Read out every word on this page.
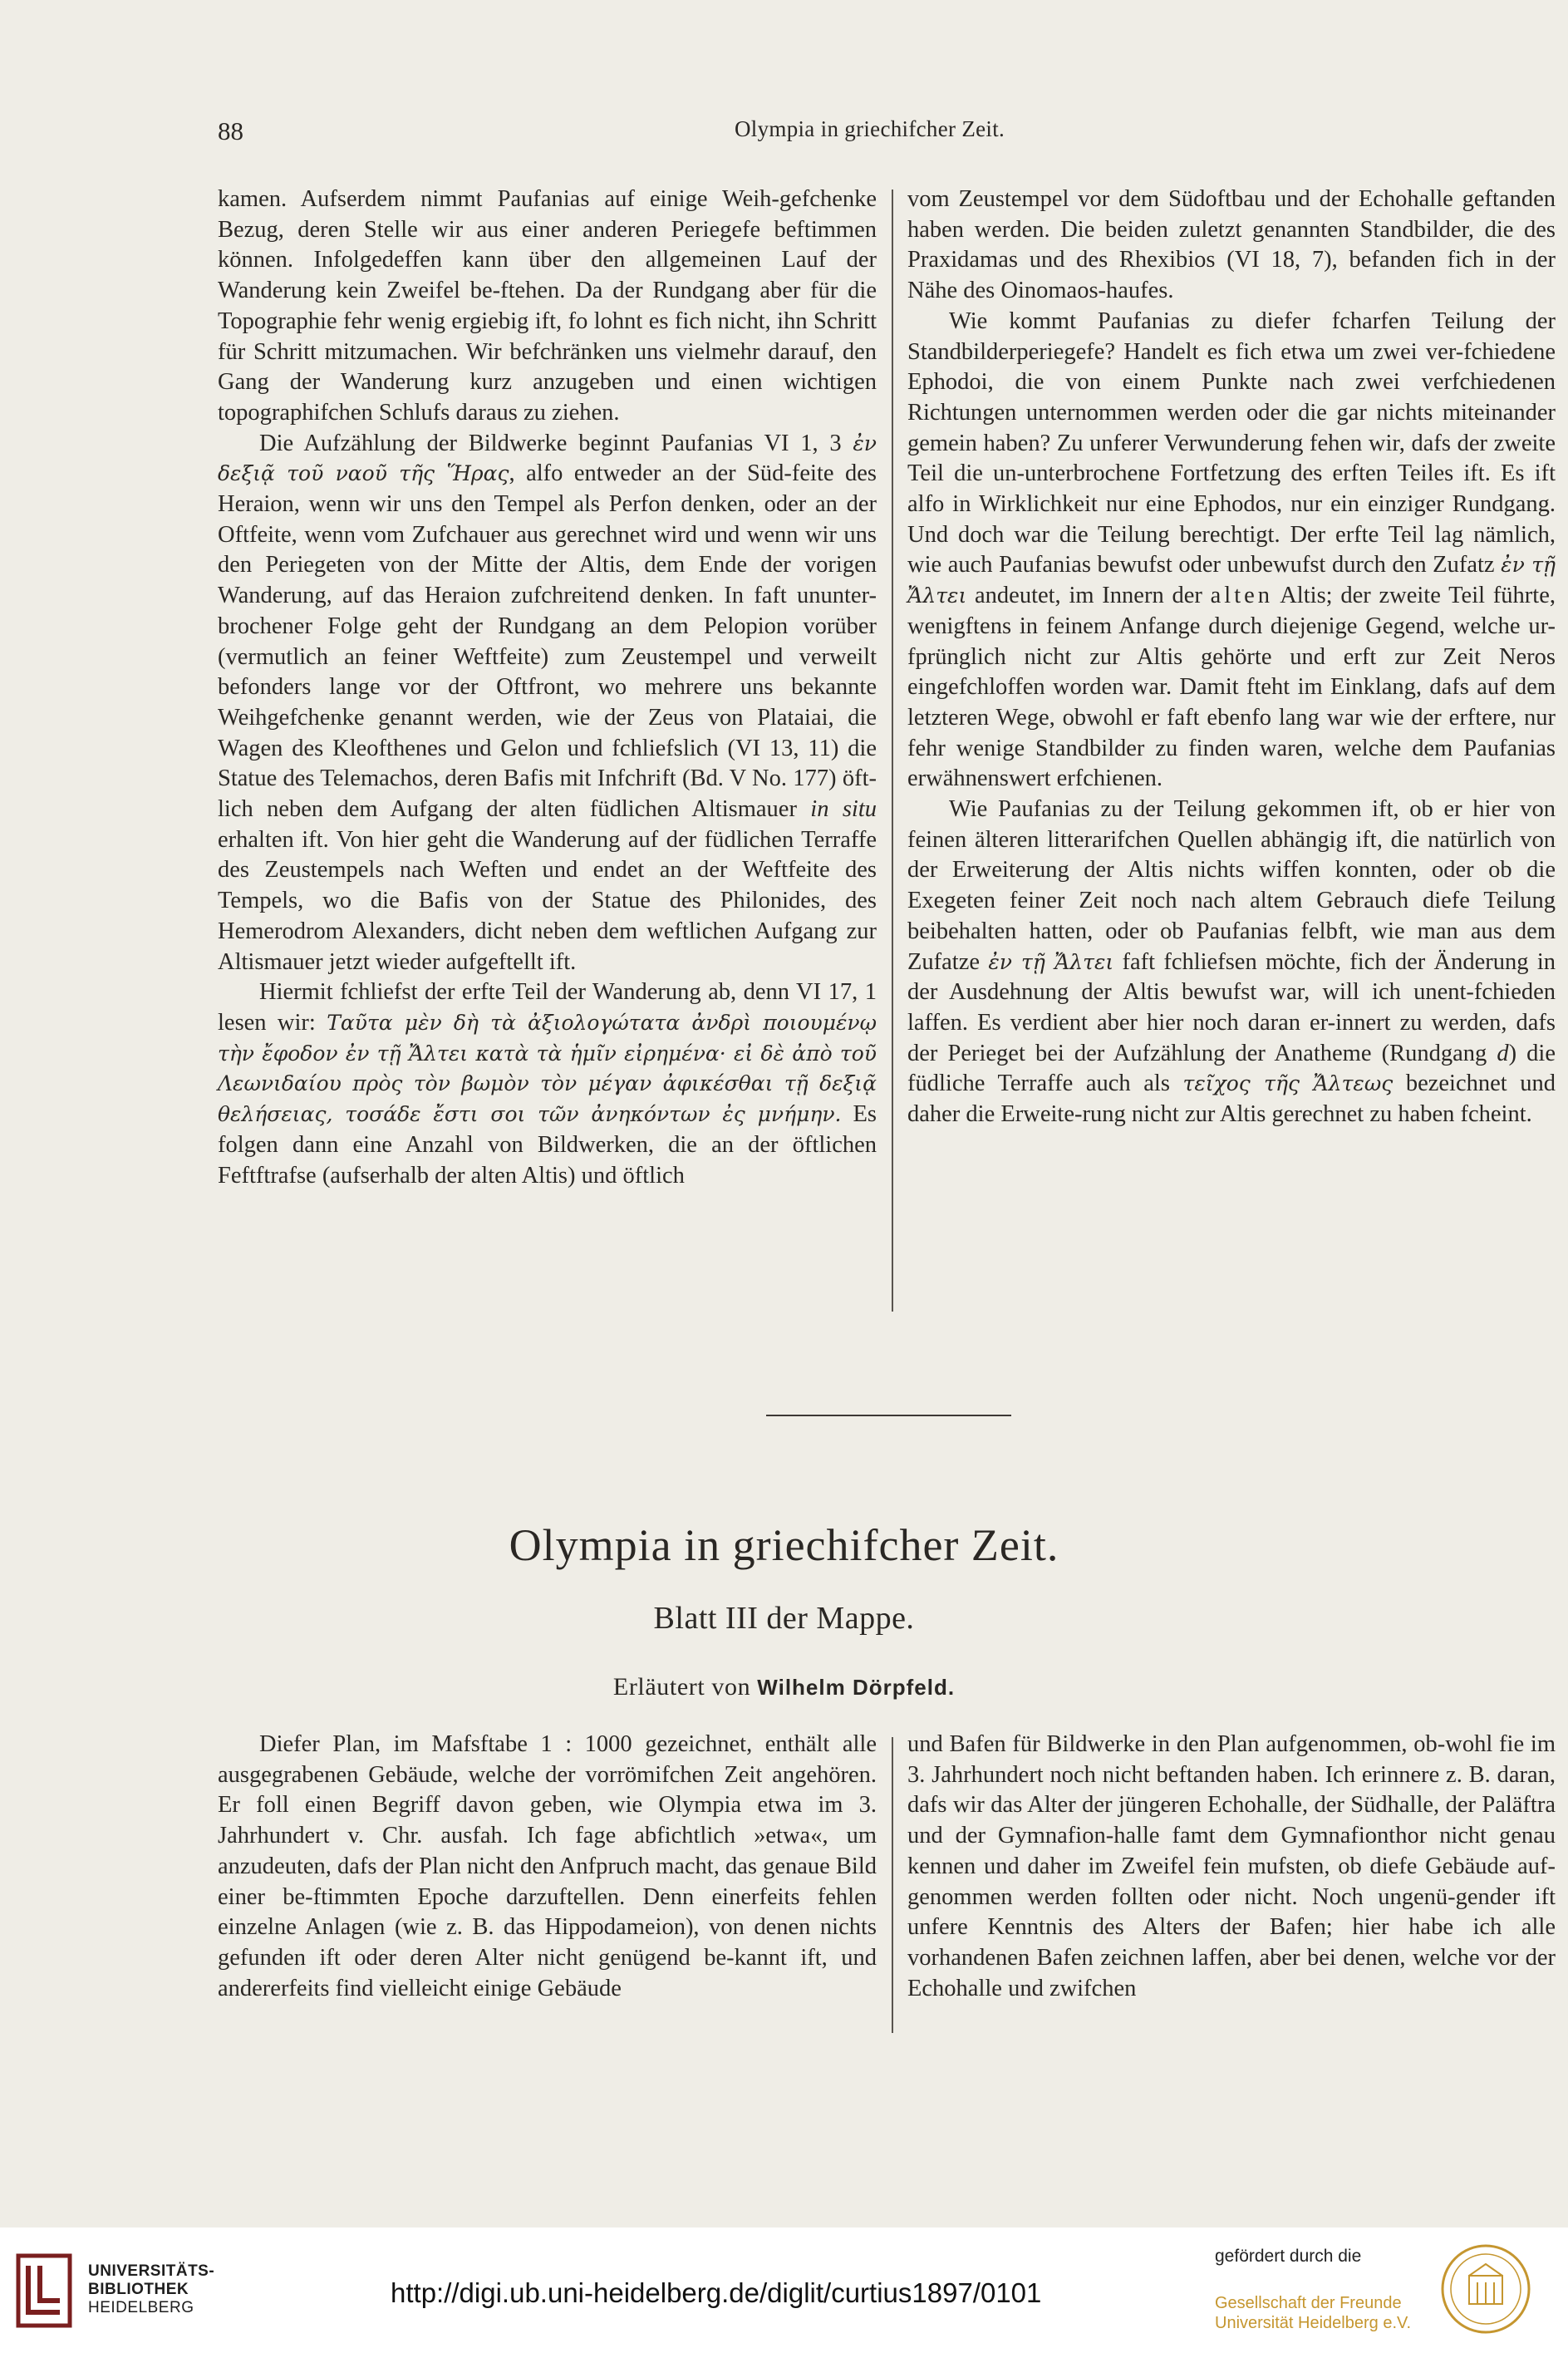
88	Olympia in griechifcher Zeit.

kamen. Aufserdem nimmt Paufanias auf einige Weih-gefchenke Bezug, deren Stelle wir aus einer anderen Periegefe beftimmen können. Infolgedeffen kann über den allgemeinen Lauf der Wanderung kein Zweifel be-ftehen. Da der Rundgang aber für die Topographie fehr wenig ergiebig ift, fo lohnt es fich nicht, ihn Schritt für Schritt mitzumachen. Wir befchränken uns vielmehr darauf, den Gang der Wanderung kurz anzugeben und einen wichtigen topographifchen Schlufs daraus zu ziehen.

Die Aufzählung der Bildwerke beginnt Paufanias VI 1, 3 ἐν δεξιᾷ τοῦ ναοῦ τῆς Ἥρας, alfo entweder an der Süd-feite des Heraion, wenn wir uns den Tempel als Perfon denken, oder an der Oftfeite, wenn vom Zufchauer aus gerechnet wird und wenn wir uns den Periegeten von der Mitte der Altis, dem Ende der vorigen Wanderung, auf das Heraion zufchreitend denken. In faft ununter-brochener Folge geht der Rundgang an dem Pelopion vorüber (vermutlich an feiner Weftfeite) zum Zeustempel und verweilt befonders lange vor der Oftfront, wo mehrere uns bekannte Weihgefchenke genannt werden, wie der Zeus von Plataiai, die Wagen des Kleofthenes und Gelon und fchliefslich (VI 13, 11) die Statue des Telemachos, deren Bafis mit Infchrift (Bd. V No. 177) öft-lich neben dem Aufgang der alten füdlichen Altismauer in situ erhalten ift. Von hier geht die Wanderung auf der füdlichen Terraffe des Zeustempels nach Weften und endet an der Weftfeite des Tempels, wo die Bafis von der Statue des Philonides, des Hemerodrom Alexanders, dicht neben dem weftlichen Aufgang zur Altismauer jetzt wieder aufgeftellt ift.

Hiermit fchliefst der erfte Teil der Wanderung ab, denn VI 17, 1 lesen wir: Ταῦτα μὲν δὴ τὰ ἀξιολογώτατα ἀνδρὶ ποιουμένῳ τὴν ἔφοδον ἐν τῇ Ἄλτει κατὰ τὰ ἡμῖν εἰρημένα· εἰ δὲ ἀπὸ τοῦ Λεωνιδαίου πρὸς τὸν βωμὸν τὸν μέγαν ἀφικέσθαι τῇ δεξιᾷ θελήσειας, τοσάδε ἔστι σοι τῶν ἀνηκόντων ἐς μνήμην. Es folgen dann eine Anzahl von Bildwerken, die an der öftlichen Feftftrafse (aufserhalb der alten Altis) und öftlich

vom Zeustempel vor dem Südoftbau und der Echohalle geftanden haben werden. Die beiden zuletzt genannten Standbilder, die des Praxidamas und des Rhexibios (VI 18, 7), befanden fich in der Nähe des Oinomaos-haufes.

Wie kommt Paufanias zu diefer fcharfen Teilung der Standbilderperiegefe? Handelt es fich etwa um zwei ver-fchiedene Ephodoi, die von einem Punkte nach zwei verfchiedenen Richtungen unternommen werden oder die gar nichts miteinander gemein haben? Zu unferer Verwunderung fehen wir, dafs der zweite Teil die un-unterbrochene Fortfetzung des erften Teiles ift. Es ift alfo in Wirklichkeit nur eine Ephodos, nur ein einziger Rundgang. Und doch war die Teilung berechtigt. Der erfte Teil lag nämlich, wie auch Paufanias bewufst oder unbewufst durch den Zufatz ἐν τῇ Ἄλτει andeutet, im Innern der alten Altis; der zweite Teil führte, wenigftens in feinem Anfange durch diejenige Gegend, welche ur-fprünglich nicht zur Altis gehörte und erft zur Zeit Neros eingefchloffen worden war. Damit fteht im Einklang, dafs auf dem letzteren Wege, obwohl er faft ebenfo lang war wie der erftere, nur fehr wenige Standbilder zu finden waren, welche dem Paufanias erwähnenswert erfchienen.

Wie Paufanias zu der Teilung gekommen ift, ob er hier von feinen älteren litterarifchen Quellen abhängig ift, die natürlich von der Erweiterung der Altis nichts wiffen konnten, oder ob die Exegeten feiner Zeit noch nach altem Gebrauch diefe Teilung beibehalten hatten, oder ob Paufanias felbft, wie man aus dem Zufatze ἐν τῇ Ἄλτει faft fchliefsen möchte, fich der Änderung in der Ausdehnung der Altis bewufst war, will ich unent-fchieden laffen. Es verdient aber hier noch daran er-innert zu werden, dafs der Perieget bei der Aufzählung der Anatheme (Rundgang d) die füdliche Terraffe auch als τεῖχος τῆς Ἄλτεως bezeichnet und daher die Erweite-rung nicht zur Altis gerechnet zu haben fcheint.

Olympia in griechifcher Zeit.
Blatt III der Mappe.
Erläutert von Wilhelm Dörpfeld.

Diefer Plan, im Mafsftabe 1 : 1000 gezeichnet, enthält alle ausgegrabenen Gebäude, welche der vorrömifchen Zeit angehören. Er foll einen Begriff davon geben, wie Olympia etwa im 3. Jahrhundert v. Chr. ausfah. Ich fage abfichtlich »etwa«, um anzudeuten, dafs der Plan nicht den Anfpruch macht, das genaue Bild einer be-ftimmten Epoche darzuftellen. Denn einerfeits fehlen einzelne Anlagen (wie z. B. das Hippodameion), von denen nichts gefunden ift oder deren Alter nicht genügend be-kannt ift, und andererfeits find vielleicht einige Gebäude

und Bafen für Bildwerke in den Plan aufgenommen, ob-wohl fie im 3. Jahrhundert noch nicht beftanden haben. Ich erinnere z. B. daran, dafs wir das Alter der jüngeren Echohalle, der Südhalle, der Paläftra und der Gymnafion-halle famt dem Gymnafionthor nicht genau kennen und daher im Zweifel fein mufsten, ob diefe Gebäude auf-genommen werden follten oder nicht. Noch ungenü-gender ift unfere Kenntnis des Alters der Bafen; hier habe ich alle vorhandenen Bafen zeichnen laffen, aber bei denen, welche vor der Echohalle und zwifchen

UNIVERSITÄTS-
BIBLIOTHEK
HEIDELBERG	http://digi.ub.uni-heidelberg.de/diglit/curtius1897/0101
gefördert durch die
Gesellschaft der Freunde
Universität Heidelberg e.V.
